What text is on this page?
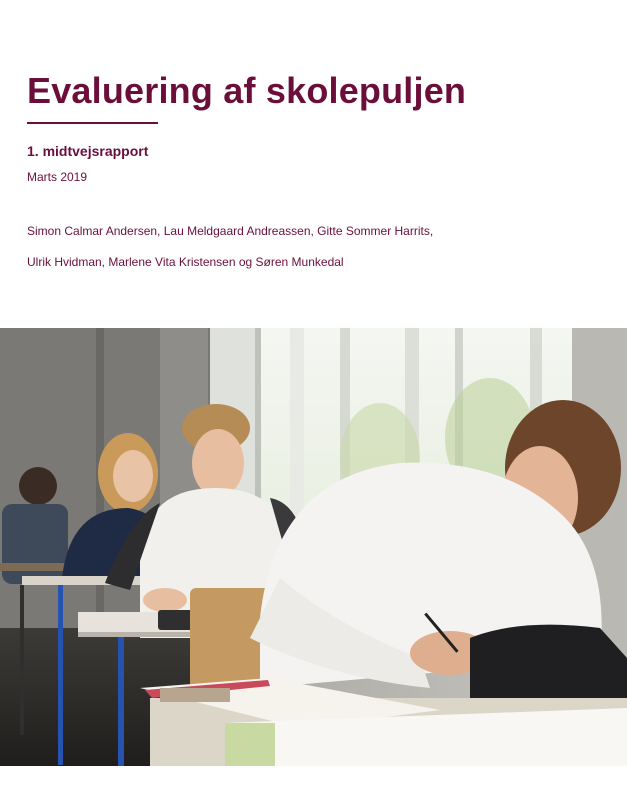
Evaluering af skolepuljen
1. midtvejsrapport
Marts 2019
Simon Calmar Andersen, Lau Meldgaard Andreassen, Gitte Sommer Harrits,
Ulrik Hvidman, Marlene Vita Kristensen og Søren Munkedal
